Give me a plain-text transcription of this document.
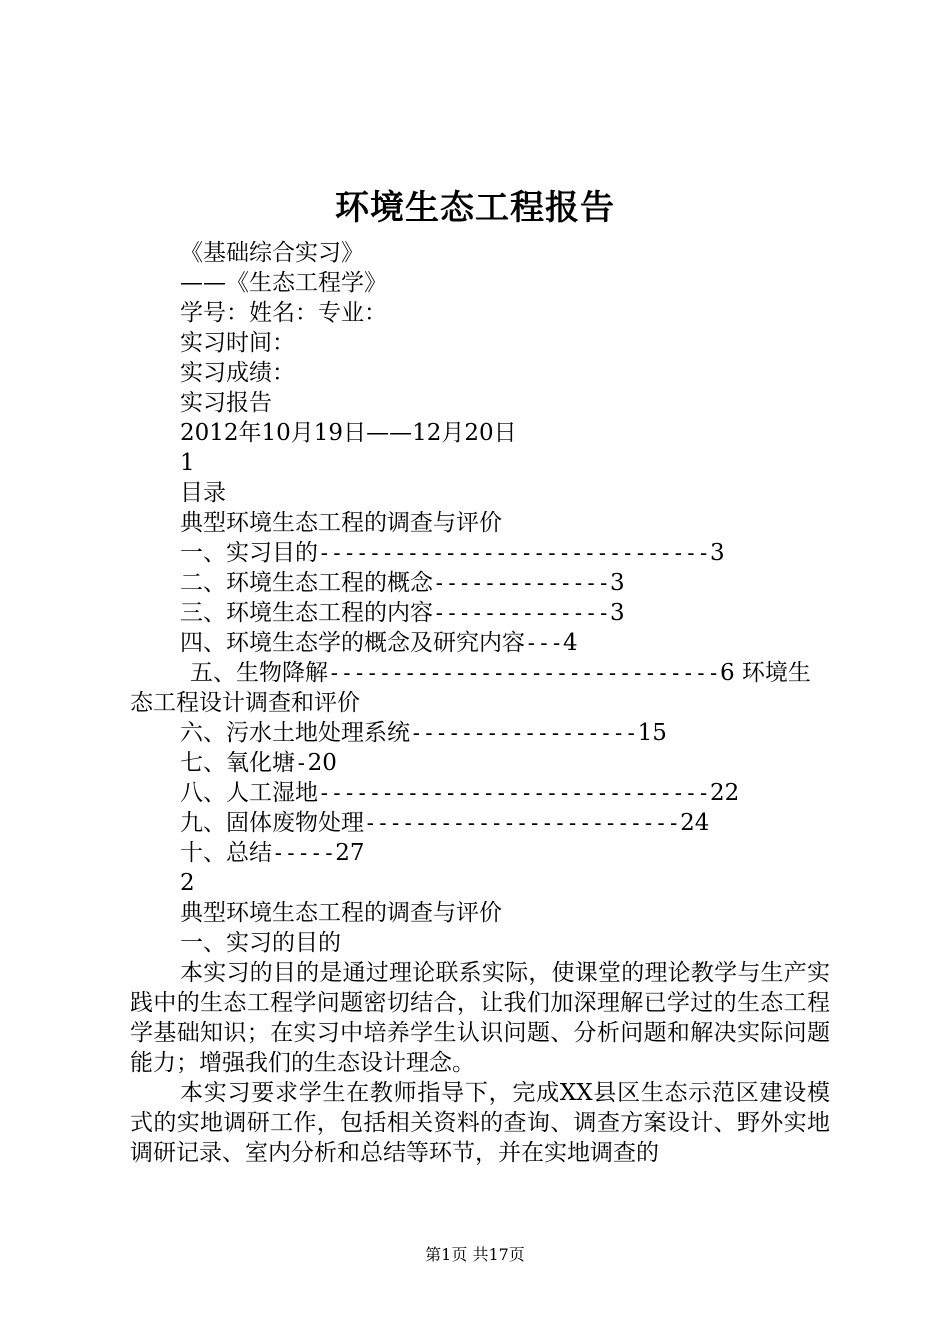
环境生态工程报告
《基础综合实习》
——《生态工程学》
学号：姓名：专业：
实习时间：
实习成绩：
实习报告
2012年10月19日——12月20日
1
目录
典型环境生态工程的调查与评价
一、实习目的-------------------------------3
二、环境生态工程的概念--------------3
三、环境生态工程的内容--------------3
四、环境生态学的概念及研究内容---4
五、生物降解-------------------------------6 环境生
态工程设计调查和评价
六、污水土地处理系统------------------15
七、氧化塘-20
八、人工湿地-------------------------------22
九、固体废物处理-------------------------24
十、总结-----27
2
典型环境生态工程的调查与评价
一、实习的目的

本实习的目的是通过理论联系实际，使课堂的理论教学与生产实践中的生态工程学问题密切结合，让我们加深理解已学过的生态工程学基础知识；在实习中培养学生认识问题、分析问题和解决实际问题能力；增强我们的生态设计理念。

本实习要求学生在教师指导下，完成XX县区生态示范区建设模式的实地调研工作，包括相关资料的查询、调查方案设计、野外实地调研记录、室内分析和总结等环节，并在实地调查的

第1页 共17页
